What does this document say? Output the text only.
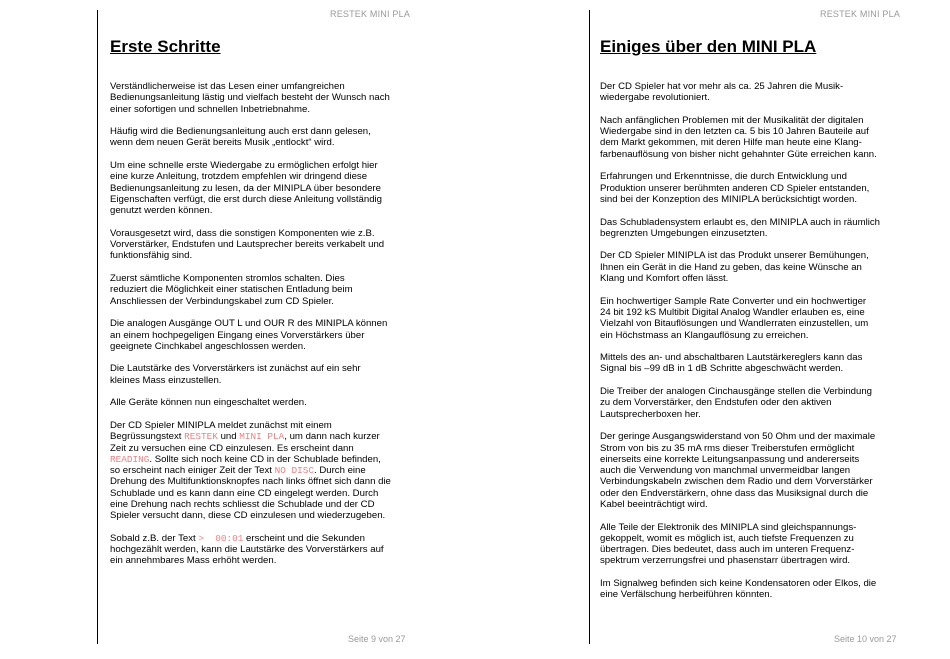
RESTEK MINI PLA
Erste Schritte

Verständlicherweise ist das Lesen einer umfangreichen
Bedienungsanleitung lästig und vielfach besteht der Wunsch nach
einer sofortigen und schnellen Inbetriebnahme.

Häufig wird die Bedienungsanleitung auch erst dann gelesen,
wenn dem neuen Gerät bereits Musik „entlockt“ wird.

Um eine schnelle erste Wiedergabe zu ermöglichen erfolgt hier
eine kurze Anleitung, trotzdem empfehlen wir dringend diese
Bedienungsanleitung zu lesen, da der MINIPLA über besondere
Eigenschaften verfügt, die erst durch diese Anleitung vollständig
genutzt werden können.

Vorausgesetzt wird, dass die sonstigen Komponenten wie z.B.
Vorverstärker, Endstufen und Lautsprecher bereits verkabelt und
funktionsfähig sind.

Zuerst sämtliche Komponenten stromlos schalten. Dies
reduziert die Möglichkeit einer statischen Entladung beim
Anschliessen der Verbindungskabel zum CD Spieler.

Die analogen Ausgänge OUT L und OUR R des MINIPLA können
an einem hochpegeligen Eingang eines Vorverstärkers über
geeignete Cinchkabel angeschlossen werden.

Die Lautstärke des Vorverstärkers ist zunächst auf ein sehr
kleines Mass einzustellen.

Alle Geräte können nun eingeschaltet werden.

Der CD Spieler MINIPLA meldet zunächst mit einem
Begrüssungstext RESTEK und MINI PLA, um dann nach kurzer
Zeit zu versuchen eine CD einzulesen. Es erscheint dann
READING. Sollte sich noch keine CD in der Schublade befinden,
so erscheint nach einiger Zeit der Text NO DISC. Durch eine
Drehung des Multifunktionsknopfes nach links öffnet sich dann die
Schublade und es kann dann eine CD eingelegt werden. Durch
eine Drehung nach rechts schliesst die Schublade und der CD
Spieler versucht dann, diese CD einzulesen und wiederzugeben.

Sobald z.B. der Text >  00:01 erscheint und die Sekunden
hochgezählt werden, kann die Lautstärke des Vorverstärkers auf
ein annehmbares Mass erhöht werden.

Seite 9 von 27
RESTEK MINI PLA
Einiges über den MINI PLA

Der CD Spieler hat vor mehr als ca. 25 Jahren die Musik-
wiedergabe revolutioniert.

Nach anfänglichen Problemen mit der Musikalität der digitalen
Wiedergabe sind in den letzten ca. 5 bis 10 Jahren Bauteile auf
dem Markt gekommen, mit deren Hilfe man heute eine Klang-
farbenauflösung von bisher nicht gehahnter Güte erreichen kann.

Erfahrungen und Erkenntnisse, die durch Entwicklung und
Produktion unserer berühmten anderen CD Spieler entstanden,
sind bei der Konzeption des MINIPLA berücksichtigt worden.

Das Schubladensystem erlaubt es, den MINIPLA auch in räumlich
begrenzten Umgebungen einzusetzten.

Der CD Spieler MINIPLA ist das Produkt unserer Bemühungen,
Ihnen ein Gerät in die Hand zu geben, das keine Wünsche an
Klang und Komfort offen lässt.

Ein hochwertiger Sample Rate Converter und ein hochwertiger
24 bit 192 kS Multibit Digital Analog Wandler erlauben es, eine
Vielzahl von Bitauflösungen und Wandlerraten einzustellen, um
ein Höchstmass an Klangauflösung zu erreichen.

Mittels des an- und abschaltbaren Lautstärkereglers kann das
Signal bis –99 dB in 1 dB Schritte abgeschwächt werden.

Die Treiber der analogen Cinchausgänge stellen die Verbindung
zu dem Vorverstärker, den Endstufen oder den aktiven
Lautsprecherboxen her.

Der geringe Ausgangswiderstand von 50 Ohm und der maximale
Strom von bis zu 35 mA rms dieser Treiberstufen ermöglicht
einerseits eine korrekte Leitungsanpassung und andererseits
auch die Verwendung von manchmal unvermeidbar langen
Verbindungskabeln zwischen dem Radio und dem Vorverstärker
oder den Endverstärkern, ohne dass das Musiksignal durch die
Kabel beeinträchtigt wird.

Alle Teile der Elektronik des MINIPLA sind gleichspannungs-
gekoppelt, womit es möglich ist, auch tiefste Frequenzen zu
übertragen. Dies bedeutet, dass auch im unteren Frequenz-
spektrum verzerrungsfrei und phasenstarr übertragen wird.

Im Signalweg befinden sich keine Kondensatoren oder Elkos, die
eine Verfälschung herbeiführen könnten.

Seite 10 von 27
